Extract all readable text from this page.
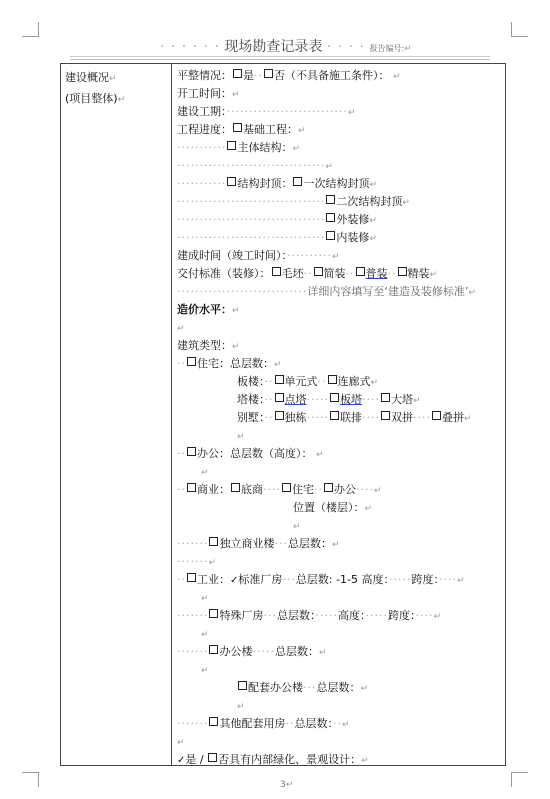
· · · · · · 现场勘查记录表 · · · · 报告编号:↵
建设概况↵
(项目整体)↵
平整情况： 是·· 否（不具备施工条件）： ↵
开工时间：↵
建设工期：···························↵
工程进度： 基础工程：↵
··········· 主体结构：↵
·································↵
··········· 结构封顶： 一次结构封顶↵
································· 二次结构封顶↵
································· 外装修↵
································· 内装修↵
建成时间（竣工时间）：··········↵
交付标准（装修）： 毛坯·· 简装·· 普装·· 精装↵
·····························详细内容填写至‘建造及装修标准’↵
造价水平：↵
↵
建筑类型：↵
·· 住宅：总层数：↵
板楼：·· 单元式·· 连廊式↵
塔楼：·· 点塔····· 板塔···· 大塔↵
别墅：·· 独栋····· 联排···· 双拼···· 叠拼↵
↵
·· 办公：总层数（高度）： ↵
↵
·· 商业： 底商···· 住宅·· 办公····↵
位置（楼层）：↵
↵
······· 独立商业楼···总层数：↵
·······↵
·· 工业：✓标准厂房···总层数: -1-5 高度：·····跨度：····↵
↵
······· 特殊厂房···总层数：·····高度：·····跨度：····↵
↵
······· 办公楼·····总层数：↵
↵
配套办公楼···总层数：↵
↵
······· 其他配套用房··总层数：··↵
↵
✓是 / 否具有内部绿化、景观设计：↵
3↵
